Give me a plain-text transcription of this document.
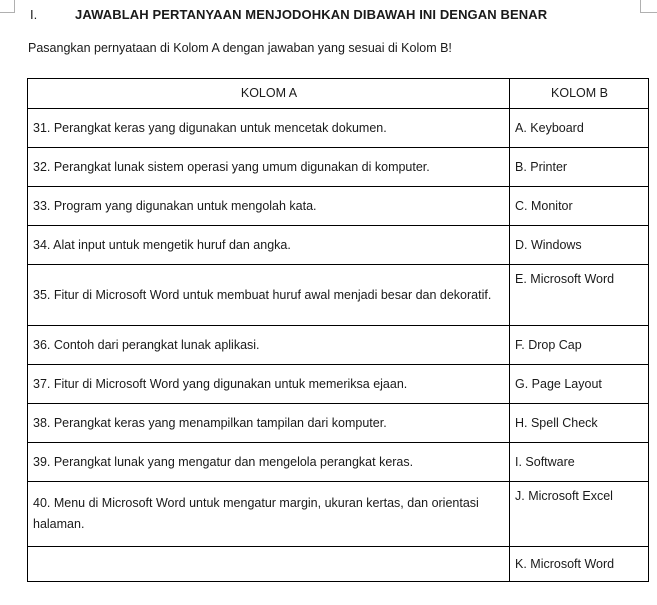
I.	JAWABLAH PERTANYAAN MENJODOHKAN DIBAWAH INI DENGAN BENAR
Pasangkan pernyataan di Kolom A dengan jawaban yang sesuai di Kolom B!
KOLOM A	KOLOM B
31. Perangkat keras yang digunakan untuk mencetak dokumen.	A. Keyboard
32. Perangkat lunak sistem operasi yang umum digunakan di komputer.	B. Printer
33. Program yang digunakan untuk mengolah kata.	C. Monitor
34. Alat input untuk mengetik huruf dan angka.	D. Windows
35. Fitur di Microsoft Word untuk membuat huruf awal menjadi besar dan dekoratif.	E. Microsoft Word
36. Contoh dari perangkat lunak aplikasi.	F. Drop Cap
37. Fitur di Microsoft Word yang digunakan untuk memeriksa ejaan.	G. Page Layout
38. Perangkat keras yang menampilkan tampilan dari komputer.	H. Spell Check
39. Perangkat lunak yang mengatur dan mengelola perangkat keras.	I. Software
40. Menu di Microsoft Word untuk mengatur margin, ukuran kertas, dan orientasi halaman.	J. Microsoft Excel
	K. Microsoft Word
